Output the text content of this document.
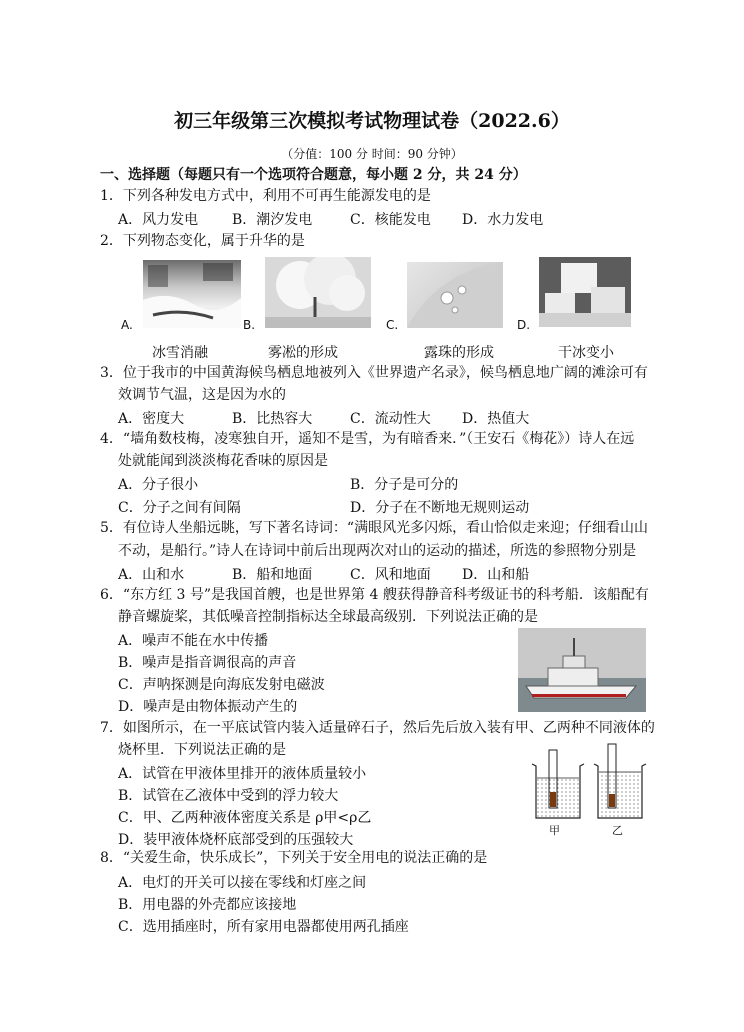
初三年级第三次模拟考试物理试卷（2022.6）
（分值：100 分 时间：90 分钟）
一、选择题（每题只有一个选项符合题意，每小题 2 分，共 24 分）
1．下列各种发电方式中，利用不可再生能源发电的是
A．风力发电 B．潮汐发电	C．核能发电 D．水力发电
2．下列物态变化，属于升华的是
A.	B.	C.	D.
冰雪消融	雾凇的形成	露珠的形成	干冰变小
3．位于我市的中国黄海候鸟栖息地被列入《世界遗产名录》，候鸟栖息地广阔的滩涂可有
效调节气温，这是因为水的
A．密度大	B．比热容大	C．流动性大 D．热值大
4．“墙角数枝梅，凌寒独自开，遥知不是雪，为有暗香来．”（王安石《梅花》）诗人在远
处就能闻到淡淡梅花香味的原因是
A．分子很小	B．分子是可分的
C．分子之间有间隔	D．分子在不断地无规则运动
5．有位诗人坐船远眺，写下著名诗词：“满眼风光多闪烁，看山恰似走来迎；仔细看山山
不动，是船行。”诗人在诗词中前后出现两次对山的运动的描述，所选的参照物分别是
A．山和水	B．船和地面	C．风和地面 D．山和船
6．“东方红 3 号”是我国首艘，也是世界第 4 艘获得静音科考级证书的科考船．该船配有
静音螺旋桨，其低噪音控制指标达全球最高级别．下列说法正确的是
A．噪声不能在水中传播
B．噪声是指音调很高的声音
C．声呐探测是向海底发射电磁波
D．噪声是由物体振动产生的
7．如图所示，在一平底试管内装入适量碎石子，然后先后放入装有甲、乙两种不同液体的
烧杯里．下列说法正确的是
A．试管在甲液体里排开的液体质量较小
B．试管在乙液体中受到的浮力较大
C．甲、乙两种液体密度关系是 ρ甲<ρ乙
D．装甲液体烧杯底部受到的压强较大
甲	乙
8．“关爱生命，快乐成长”，下列关于安全用电的说法正确的是
A．电灯的开关可以接在零线和灯座之间
B．用电器的外壳都应该接地
C．选用插座时，所有家用电器都使用两孔插座
